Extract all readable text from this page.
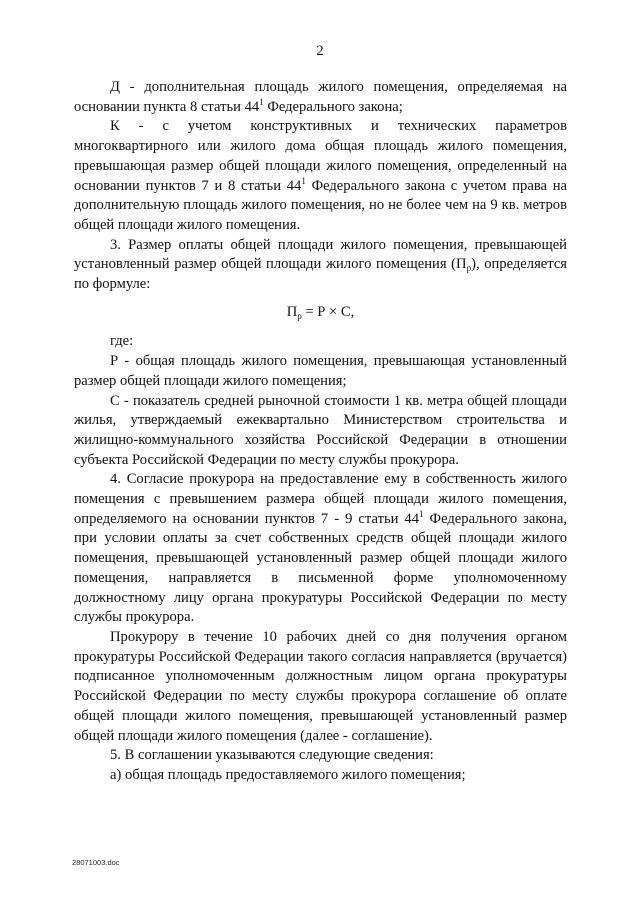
2

Д - дополнительная площадь жилого помещения, определяемая на основании пункта 8 статьи $44^1$ Федерального закона;

К - с учетом конструктивных и технических параметров многоквартирного или жилого дома общая площадь жилого помещения, превышающая размер общей площади жилого помещения, определенный на основании пунктов 7 и 8 статьи $44^1$ Федерального закона с учетом права на дополнительную площадь жилого помещения, но не более чем на 9 кв. метров общей площади жилого помещения.

3. Размер оплаты общей площади жилого помещения, превышающей установленный размер общей площади жилого помещения $(П_р)$, определяется по формуле:

$П_р = Р \times С$,

где:

Р - общая площадь жилого помещения, превышающая установленный размер общей площади жилого помещения;

С - показатель средней рыночной стоимости 1 кв. метра общей площади жилья, утверждаемый ежеквартально Министерством строительства и жилищно-коммунального хозяйства Российской Федерации в отношении субъекта Российской Федерации по месту службы прокурора.

4. Согласие прокурора на предоставление ему в собственность жилого помещения с превышением размера общей площади жилого помещения, определяемого на основании пунктов 7 - 9 статьи $44^1$ Федерального закона, при условии оплаты за счет собственных средств общей площади жилого помещения, превышающей установленный размер общей площади жилого помещения, направляется в письменной форме уполномоченному должностному лицу органа прокуратуры Российской Федерации по месту службы прокурора.

Прокурору в течение 10 рабочих дней со дня получения органом прокуратуры Российской Федерации такого согласия направляется (вручается) подписанное уполномоченным должностным лицом органа прокуратуры Российской Федерации по месту службы прокурора соглашение об оплате общей площади жилого помещения, превышающей установленный размер общей площади жилого помещения (далее - соглашение).

5. В соглашении указываются следующие сведения:

а) общая площадь предоставляемого жилого помещения;

28071003.doc
